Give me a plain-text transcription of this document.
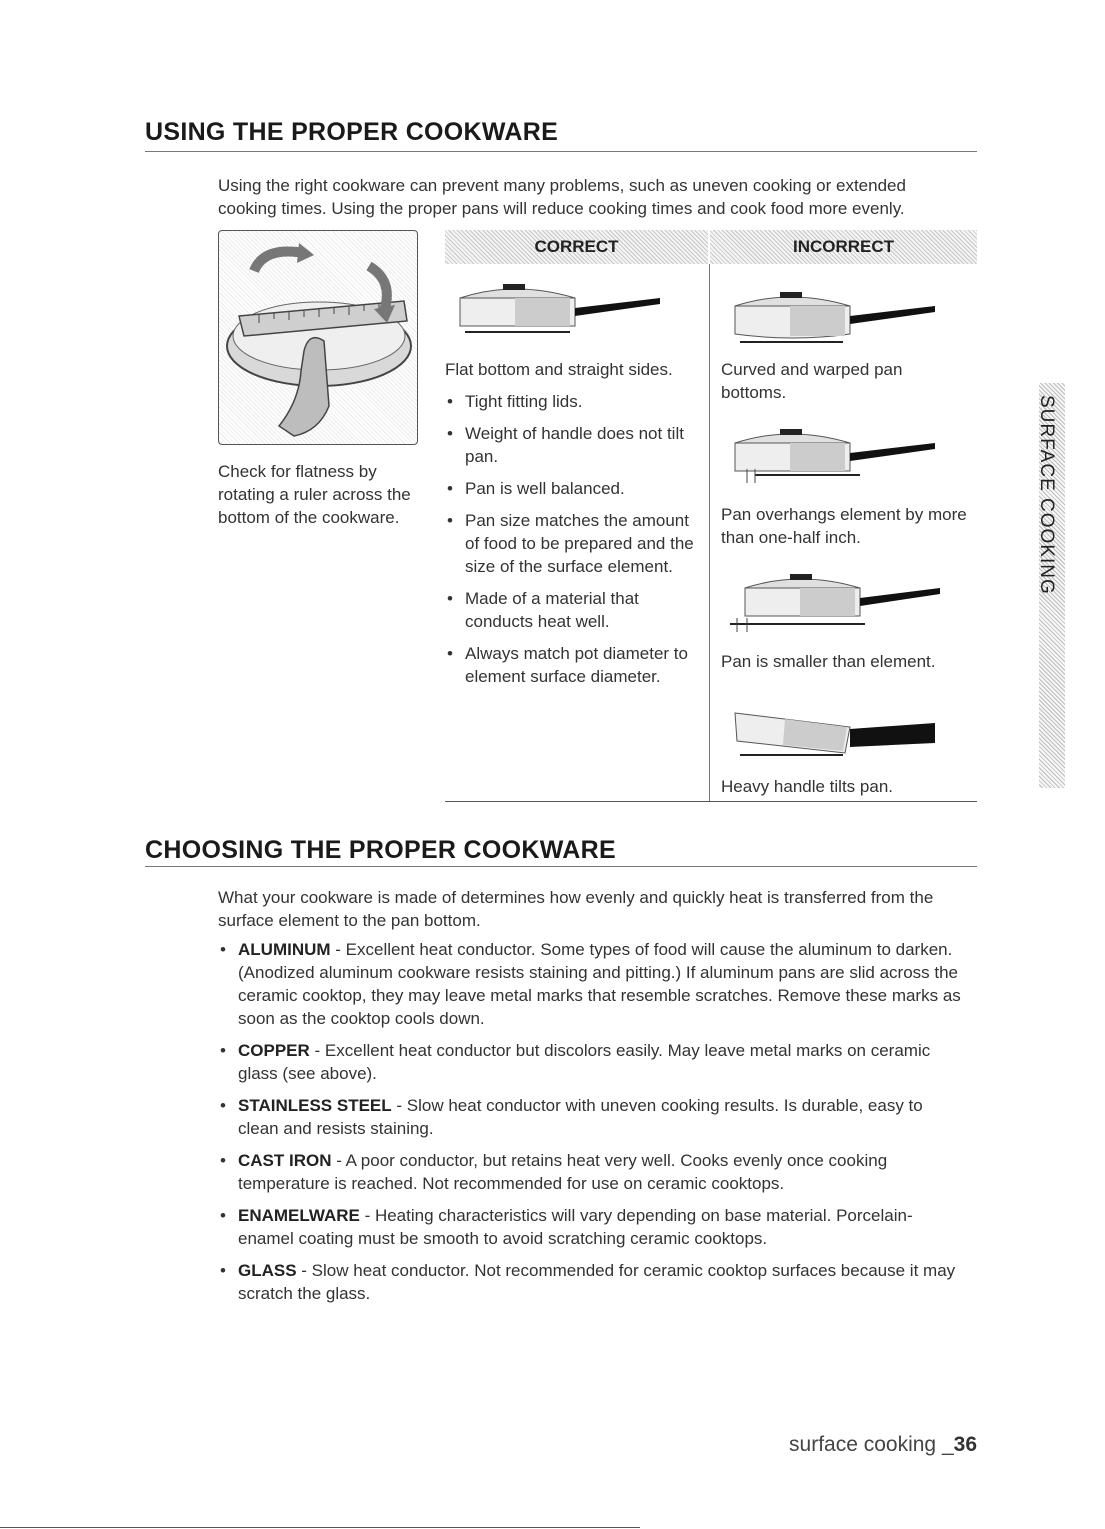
USING THE PROPER COOKWARE
Using the right cookware can prevent many problems, such as uneven cooking or extended cooking times. Using the proper pans will reduce cooking times and cook food more evenly.
Check for flatness by rotating a ruler across the bottom of the cookware.
CORRECT	INCORRECT
Flat bottom and straight sides.
• Tight fitting lids.
• Weight of handle does not tilt pan.
• Pan is well balanced.
• Pan size matches the amount of food to be prepared and the size of the surface element.
• Made of a material that conducts heat well.
• Always match pot diameter to element surface diameter.
Curved and warped pan bottoms.
Pan overhangs element by more than one-half inch.
Pan is smaller than element.
Heavy handle tilts pan.
SURFACE COOKING
CHOOSING THE PROPER COOKWARE
What your cookware is made of determines how evenly and quickly heat is transferred from the surface element to the pan bottom.
• ALUMINUM - Excellent heat conductor. Some types of food will cause the aluminum to darken. (Anodized aluminum cookware resists staining and pitting.) If aluminum pans are slid across the ceramic cooktop, they may leave metal marks that resemble scratches. Remove these marks as soon as the cooktop cools down.
• COPPER - Excellent heat conductor but discolors easily. May leave metal marks on ceramic glass (see above).
• STAINLESS STEEL - Slow heat conductor with uneven cooking results. Is durable, easy to clean and resists staining.
• CAST IRON - A poor conductor, but retains heat very well. Cooks evenly once cooking temperature is reached. Not recommended for use on ceramic cooktops.
• ENAMELWARE - Heating characteristics will vary depending on base material. Porcelain-enamel coating must be smooth to avoid scratching ceramic cooktops.
• GLASS - Slow heat conductor. Not recommended for ceramic cooktop surfaces because it may scratch the glass.
surface cooking _36
